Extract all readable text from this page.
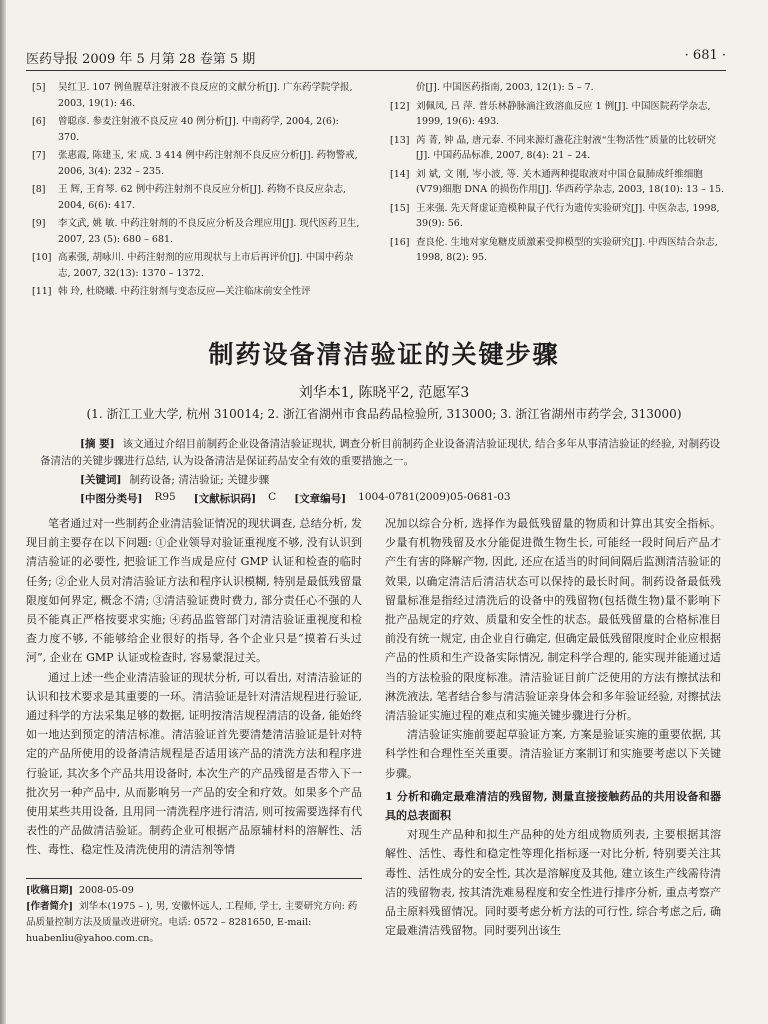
医药导报 2009 年 5 月第 28 卷第 5 期	· 681 ·
[5]	吴红卫. 107 例鱼腥草注射液不良反应的文献分析[J]. 广东药学院学报, 2003, 19(1): 46.
[6]	曾聪彦. 参麦注射液不良反应 40 例分析[J]. 中南药学, 2004, 2(6): 370.
[7]	张惠霞, 陈建玉, 宋 成. 3 414 例中药注射剂不良反应分析[J]. 药物警戒, 2006, 3(4): 232 – 235.
[8]	王 辉, 王育琴. 62 例中药注射剂不良反应分析[J]. 药物不良反应杂志, 2004, 6(6): 417.
[9]	李文武, 姚 敏. 中药注射剂的不良反应分析及合理应用[J]. 现代医药卫生, 2007, 23 (5): 680 – 681.
[10] 高素强, 胡咏川. 中药注射剂的应用现状与上市后再评价[J]. 中国中药杂志, 2007, 32(13): 1370 – 1372.
[11] 韩 玲, 杜晓曦. 中药注射剂与变态反应—关注临床前安全性评
价[J]. 中国医药指南, 2003, 12(1): 5 – 7.
[12] 刘佩凤, 吕 萍. 普乐林静脉滴注致溶血反应 1 例[J]. 中国医院药学杂志, 1999, 19(6): 493.
[13] 芮 菁, 钟 晶, 唐元泰. 不同来源灯盏花注射液“生物活性”质量的比较研究[J]. 中国药品标准, 2007, 8(4): 21 – 24.
[14] 刘 斌, 文 刚, 岑小波, 等. 关木通两种提取液对中国仓鼠肺成纤维细胞(V79)细胞 DNA 的损伤作用[J]. 华西药学杂志, 2003, 18(10): 13 – 15.
[15] 王来强. 先天肾虚证造模种鼠子代行为遗传实验研究[J]. 中医杂志, 1998, 39(9): 56.
[16] 查良伦. 生地对家兔糖皮质激素受抑模型的实验研究[J]. 中西医结合杂志, 1998, 8(2): 95.
制药设备清洁验证的关键步骤
刘华本1, 陈晓平2, 范愿军3
(1. 浙江工业大学, 杭州 310014; 2. 浙江省湖州市食品药品检验所, 313000; 3. 浙江省湖州市药学会, 313000)
[摘 要] 该文通过介绍目前制药企业设备清洁验证现状, 调查分析目前制药企业设备清洁验证现状, 结合多年从事清洁验证的经验, 对制药设备清洁的关键步骤进行总结, 认为设备清洁是保证药品安全有效的重要措施之一。
[关键词] 制药设备; 清洁验证; 关键步骤
[中图分类号] R95 [文献标识码] C [文章编号] 1004-0781(2009)05-0681-03

笔者通过对一些制药企业清洁验证情况的现状调查, 总结分析, 发现目前主要存在以下问题: ①企业领导对验证重视度不够, 没有认识到清洁验证的必要性, 把验证工作当成是应付 GMP 认证和检查的临时任务; ②企业人员对清洁验证方法和程序认识模糊, 特别是最低残留量限度如何界定, 概念不清; ③清洁验证费时费力, 部分责任心不强的人员不能真正严格按要求实施; ④药品监管部门对清洁验证重视度和检查力度不够, 不能够给企业很好的指导, 各个企业只是“摸着石头过河”, 企业在 GMP 认证或检查时, 容易蒙混过关。

通过上述一些企业清洁验证的现状分析, 可以看出, 对清洁验证的认识和技术要求是其重要的一环。清洁验证是针对清洁规程进行验证, 通过科学的方法采集足够的数据, 证明按清洁规程清洁的设备, 能始终如一地达到预定的清洁标准。清洁验证首先要清楚清洁验证是针对特定的产品所使用的设备清洁规程是否适用该产品的清洗方法和程序进行验证, 其次多个产品共用设备时, 本次生产的产品残留是否带入下一批次另一种产品中, 从而影响另一产品的安全和疗效。如果多个产品使用某些共用设备, 且用同一清洗程序进行清洁, 则可按需要选择有代表性的产品做清洁验证。制药企业可根据产品原辅材料的溶解性、活性、毒性、稳定性及清洗使用的清洁剂等情

况加以综合分析, 选择作为最低残留量的物质和计算出其安全指标。少量有机物残留及水分能促进微生物生长, 可能经一段时间后产品才产生有害的降解产物, 因此, 还应在适当的时间间隔后监测清洁验证的效果, 以确定清洁后清洁状态可以保持的最长时间。制药设备最低残留量标准是指经过清洗后的设备中的残留物(包括微生物)量不影响下批产品规定的疗效、质量和安全性的状态。最低残留量的合格标准目前没有统一规定, 由企业自行确定, 但确定最低残留限度时企业应根据产品的性质和生产设备实际情况, 制定科学合理的, 能实现并能通过适当的方法检验的限度标准。清洁验证目前广泛使用的方法有擦拭法和淋洗液法, 笔者结合参与清洁验证亲身体会和多年验证经验, 对擦拭法清洁验证实施过程的难点和实施关键步骤进行分析。

清洁验证实施前要起草验证方案, 方案是验证实施的重要依据, 其科学性和合理性至关重要。清洁验证方案制订和实施要考虑以下关键步骤。

1 分析和确定最难清洁的残留物, 测量直接接触药品的共用设备和器具的总表面积

对现生产品种和拟生产品种的处方组成物质列表, 主要根据其溶解性、活性、毒性和稳定性等理化指标逐一对比分析, 特别要关注其毒性、活性成分的安全性, 其次是溶解度及其他, 建立该生产线需待清洁的残留物表, 按其清洗难易程度和安全性进行排序分析, 重点考察产品主原料残留情况。同时要考虑分析方法的可行性, 综合考虑之后, 确定最难清洁残留物。同时要列出该生

[收稿日期] 2008-05-09
[作者简介] 刘华本(1975 – ), 男, 安徽怀远人, 工程师, 学士, 主要研究方向: 药品质量控制方法及质量改进研究。电话: 0572 – 8281650, E-mail: huabenliu@yahoo.com.cn。
